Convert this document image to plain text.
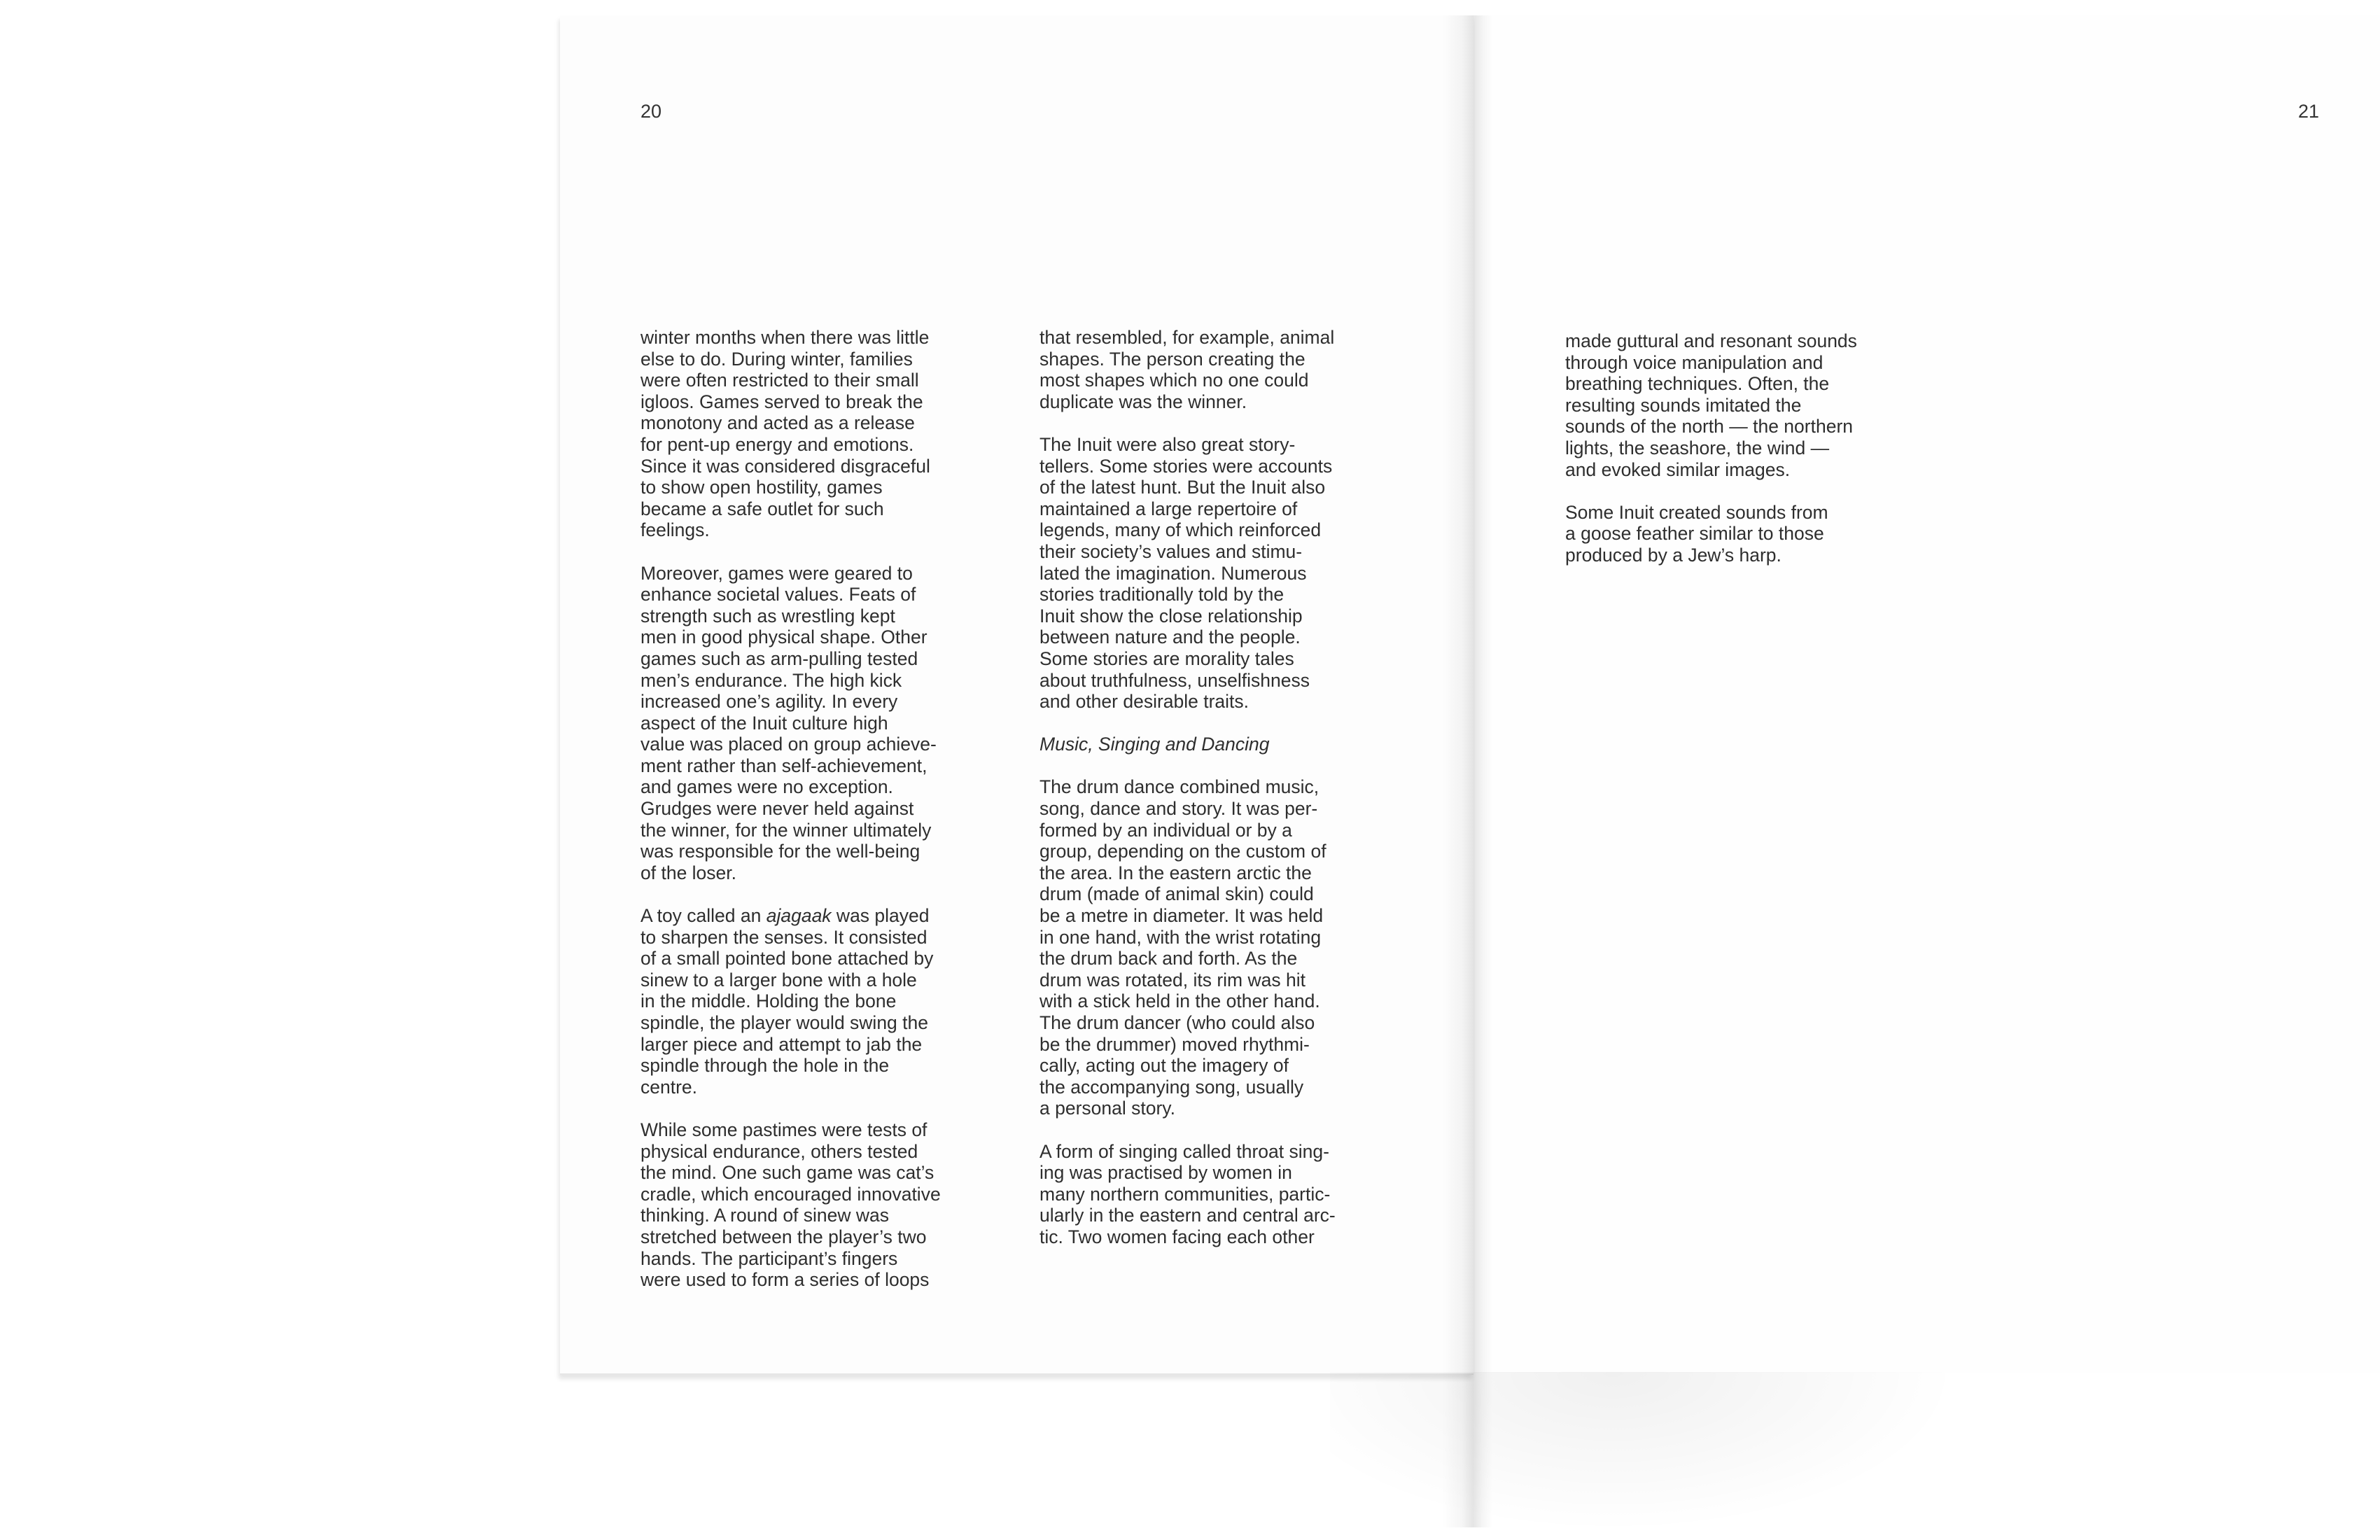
20	21

winter months when there was little
else to do. During winter, families
were often restricted to their small
igloos. Games served to break the
monotony and acted as a release
for pent-up energy and emotions.
Since it was considered disgraceful
to show open hostility, games
became a safe outlet for such
feelings.

Moreover, games were geared to
enhance societal values. Feats of
strength such as wrestling kept
men in good physical shape. Other
games such as arm-pulling tested
men’s endurance. The high kick
increased one’s agility. In every
aspect of the Inuit culture high
value was placed on group achieve-
ment rather than self-achievement,
and games were no exception.
Grudges were never held against
the winner, for the winner ultimately
was responsible for the well-being
of the loser.

A toy called an ajagaak was played
to sharpen the senses. It consisted
of a small pointed bone attached by
sinew to a larger bone with a hole
in the middle. Holding the bone
spindle, the player would swing the
larger piece and attempt to jab the
spindle through the hole in the
centre.

While some pastimes were tests of
physical endurance, others tested
the mind. One such game was cat’s
cradle, which encouraged innovative
thinking. A round of sinew was
stretched between the player’s two
hands. The participant’s fingers
were used to form a series of loops

that resembled, for example, animal
shapes. The person creating the
most shapes which no one could
duplicate was the winner.

The Inuit were also great story-
tellers. Some stories were accounts
of the latest hunt. But the Inuit also
maintained a large repertoire of
legends, many of which reinforced
their society’s values and stimu-
lated the imagination. Numerous
stories traditionally told by the
Inuit show the close relationship
between nature and the people.
Some stories are morality tales
about truthfulness, unselfishness
and other desirable traits.

Music, Singing and Dancing

The drum dance combined music,
song, dance and story. It was per-
formed by an individual or by a
group, depending on the custom of
the area. In the eastern arctic the
drum (made of animal skin) could
be a metre in diameter. It was held
in one hand, with the wrist rotating
the drum back and forth. As the
drum was rotated, its rim was hit
with a stick held in the other hand.
The drum dancer (who could also
be the drummer) moved rhythmi-
cally, acting out the imagery of
the accompanying song, usually
a personal story.

A form of singing called throat sing-
ing was practised by women in
many northern communities, partic-
ularly in the eastern and central arc-
tic. Two women facing each other

made guttural and resonant sounds
through voice manipulation and
breathing techniques. Often, the
resulting sounds imitated the
sounds of the north — the northern
lights, the seashore, the wind —
and evoked similar images.

Some Inuit created sounds from
a goose feather similar to those
produced by a Jew’s harp.
